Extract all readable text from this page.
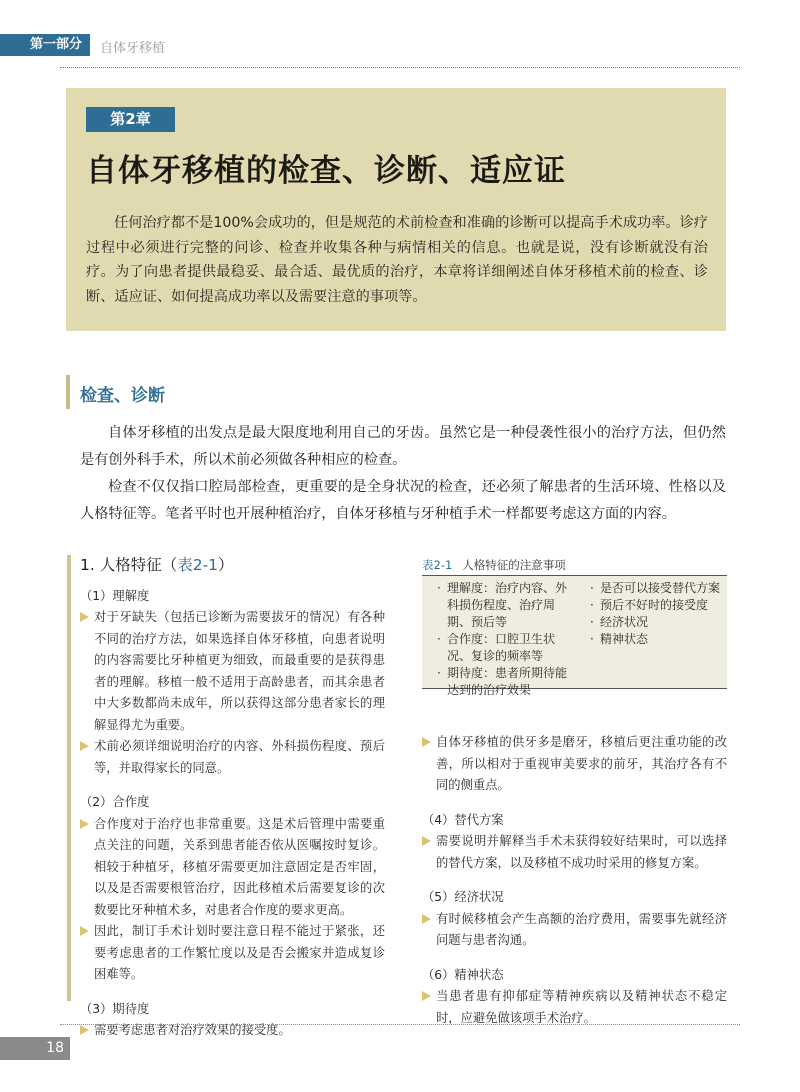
第一部分	自体牙移植
第2章
自体牙移植的检查、诊断、适应证
任何治疗都不是100%会成功的，但是规范的术前检查和准确的诊断可以提高手术成功率。诊疗过程中必须进行完整的问诊、检查并收集各种与病情相关的信息。也就是说，没有诊断就没有治疗。为了向患者提供最稳妥、最合适、最优质的治疗，本章将详细阐述自体牙移植术前的检查、诊断、适应证、如何提高成功率以及需要注意的事项等。
检查、诊断
自体牙移植的出发点是最大限度地利用自己的牙齿。虽然它是一种侵袭性很小的治疗方法，但仍然是有创外科手术，所以术前必须做各种相应的检查。
检查不仅仅指口腔局部检查，更重要的是全身状况的检查，还必须了解患者的生活环境、性格以及人格特征等。笔者平时也开展种植治疗，自体牙移植与牙种植手术一样都要考虑这方面的内容。
1. 人格特征（表2-1）
（1）理解度
对于牙缺失（包括已诊断为需要拔牙的情况）有各种不同的治疗方法，如果选择自体牙移植，向患者说明的内容需要比牙种植更为细致，而最重要的是获得患者的理解。移植一般不适用于高龄患者，而其余患者中大多数都尚未成年，所以获得这部分患者家长的理解显得尤为重要。
术前必须详细说明治疗的内容、外科损伤程度、预后等，并取得家长的同意。
（2）合作度
合作度对于治疗也非常重要。这是术后管理中需要重点关注的问题，关系到患者能否依从医嘱按时复诊。相较于种植牙，移植牙需要更加注意固定是否牢固，以及是否需要根管治疗，因此移植术后需要复诊的次数要比牙种植术多，对患者合作度的要求更高。
因此，制订手术计划时要注意日程不能过于紧张，还要考虑患者的工作繁忙度以及是否会搬家并造成复诊困难等。
（3）期待度
需要考虑患者对治疗效果的接受度。
表2-1 人格特征的注意事项
· 理解度：治疗内容、外科损伤程度、治疗周期、预后等
· 合作度：口腔卫生状况、复诊的频率等
· 期待度：患者所期待能达到的治疗效果
· 是否可以接受替代方案
· 预后不好时的接受度
· 经济状况
· 精神状态
自体牙移植的供牙多是磨牙，移植后更注重功能的改善，所以相对于重视审美要求的前牙，其治疗各有不同的侧重点。
（4）替代方案
需要说明并解释当手术未获得较好结果时，可以选择的替代方案，以及移植不成功时采用的修复方案。
（5）经济状况
有时候移植会产生高额的治疗费用，需要事先就经济问题与患者沟通。
（6）精神状态
当患者患有抑郁症等精神疾病以及精神状态不稳定时，应避免做该项手术治疗。
18
